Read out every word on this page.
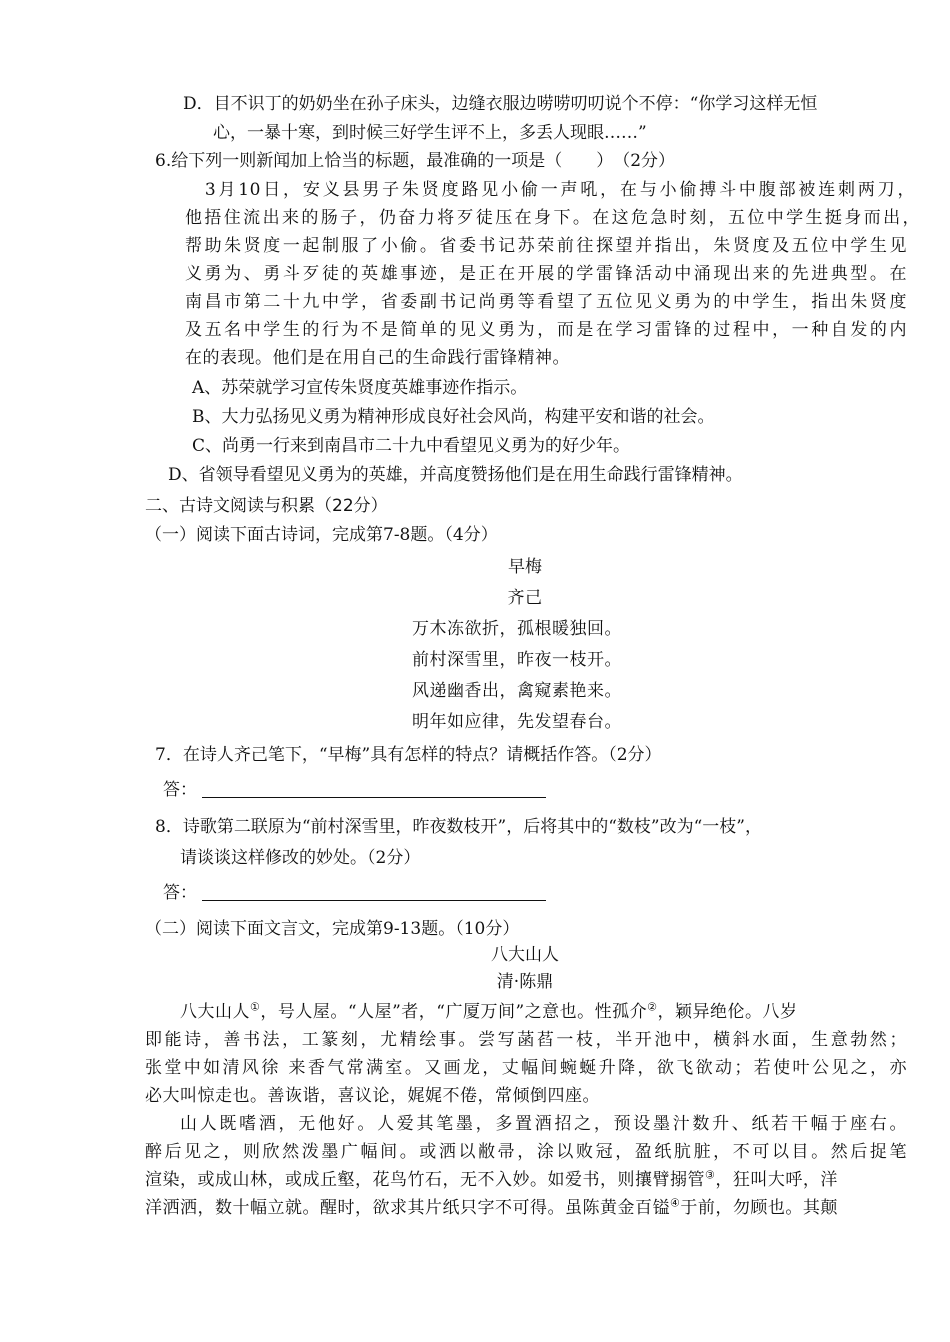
D．目不识丁的奶奶坐在孙子床头，边缝衣服边唠唠叨叨说个不停：“你学习这样无恒
心，一暴十寒，到时候三好学生评不上，多丢人现眼……”
6.给下列一则新闻加上恰当的标题，最准确的一项是（　　）　（2分）
　3月10日，安义县男子朱贤度路见小偷一声吼，在与小偷搏斗中腹部被连刺两刀，
他捂住流出来的肠子，仍奋力将歹徒压在身下。在这危急时刻，五位中学生挺身而出，
帮助朱贤度一起制服了小偷。省委书记苏荣前往探望并指出，朱贤度及五位中学生见
义勇为、勇斗歹徒的英雄事迹，是正在开展的学雷锋活动中涌现出来的先进典型。在
南昌市第二十九中学，省委副书记尚勇等看望了五位见义勇为的中学生，指出朱贤度
及五名中学生的行为不是简单的见义勇为，而是在学习雷锋的过程中，一种自发的内
在的表现。他们是在用自己的生命践行雷锋精神。
A、苏荣就学习宣传朱贤度英雄事迹作指示。
B、大力弘扬见义勇为精神形成良好社会风尚，构建平安和谐的社会。
C、尚勇一行来到南昌市二十九中看望见义勇为的好少年。
D、省领导看望见义勇为的英雄，并高度赞扬他们是在用生命践行雷锋精神。
二、古诗文阅读与积累（22分）
（一）阅读下面古诗词，完成第7-8题。（4分）
早梅
齐己
万木冻欲折，孤根暖独回。
前村深雪里，昨夜一枝开。
风递幽香出，禽窥素艳来。
明年如应律，先发望春台。
7．在诗人齐己笔下，“早梅”具有怎样的特点？请概括作答。（2分）
答：
8．诗歌第二联原为“前村深雪里，昨夜数枝开”，后将其中的“数枝”改为“一枝”，
请谈谈这样修改的妙处。（2分）
答：
（二）阅读下面文言文，完成第9-13题。（10分）
八大山人
清·陈鼎
八大山人①，号人屋。“人屋”者，“广厦万间”之意也。性孤介②，颖异绝伦。八岁
即能诗，善书法，工篆刻，尤精绘事。尝写菡萏一枝，半开池中，横斜水面，生意勃然；
张堂中如清风徐 来香气常满室。又画龙，丈幅间蜿蜒升降，欲飞欲动；若使叶公见之，亦
必大叫惊走也。善诙谐，喜议论，娓娓不倦，常倾倒四座。
山人既嗜酒，无他好。人爱其笔墨，多置酒招之，预设墨汁数升、纸若干幅于座右。
醉后见之，则欣然泼墨广幅间。或洒以敝帚，涂以败冠，盈纸肮脏，不可以目。然后捉笔
渲染，或成山林，或成丘壑，花鸟竹石，无不入妙。如爱书，则攘臂搦管③，狂叫大呼，洋
洋洒洒，数十幅立就。醒时，欲求其片纸只字不可得。虽陈黄金百镒④于前，勿顾也。其颠
